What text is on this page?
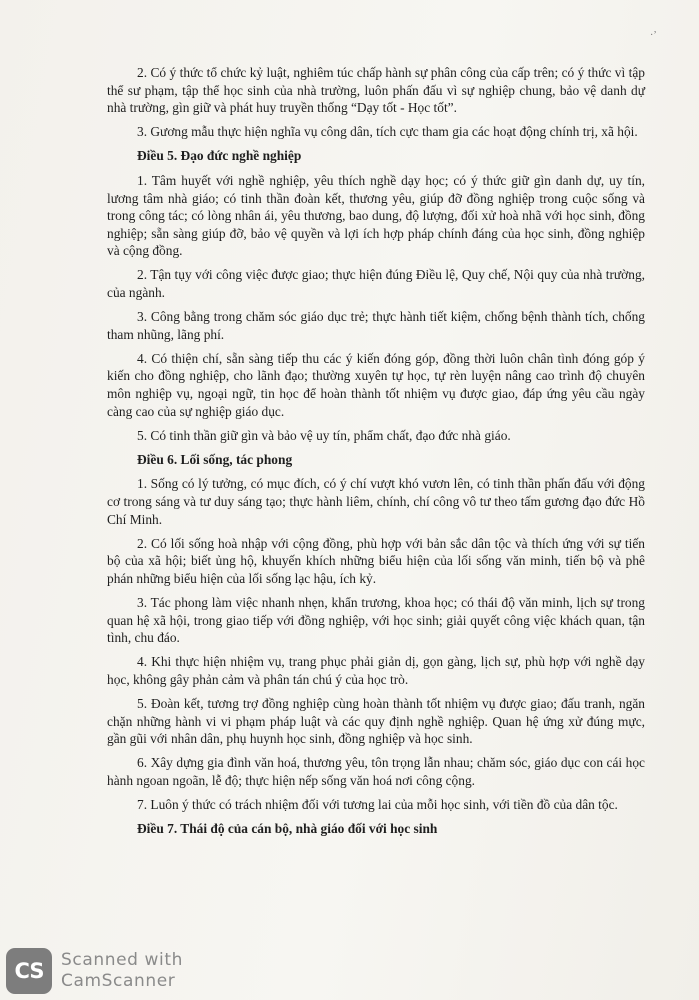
·’

2. Có ý thức tổ chức kỷ luật, nghiêm túc chấp hành sự phân công của cấp trên; có ý thức vì tập thể sư phạm, tập thể học sinh của nhà trường, luôn phấn đấu vì sự nghiệp chung, bảo vệ danh dự nhà trường, gìn giữ và phát huy truyền thống “Dạy tốt - Học tốt”.

3. Gương mẫu thực hiện nghĩa vụ công dân, tích cực tham gia các hoạt động chính trị, xã hội.

Điều 5. Đạo đức nghề nghiệp

1. Tâm huyết với nghề nghiệp, yêu thích nghề dạy học; có ý thức giữ gìn danh dự, uy tín, lương tâm nhà giáo; có tinh thần đoàn kết, thương yêu, giúp đỡ đồng nghiệp trong cuộc sống và trong công tác; có lòng nhân ái, yêu thương, bao dung, độ lượng, đối xử hoà nhã với học sinh, đồng nghiệp; sẵn sàng giúp đỡ, bảo vệ quyền và lợi ích hợp pháp chính đáng của học sinh, đồng nghiệp và cộng đồng.

2. Tận tụy với công việc được giao; thực hiện đúng Điều lệ, Quy chế, Nội quy của nhà trường, của ngành.

3. Công bằng trong chăm sóc giáo dục trẻ; thực hành tiết kiệm, chống bệnh thành tích, chống tham nhũng, lãng phí.

4. Có thiện chí, sẵn sàng tiếp thu các ý kiến đóng góp, đồng thời luôn chân tình đóng góp ý kiến cho đồng nghiệp, cho lãnh đạo; thường xuyên tự học, tự rèn luyện nâng cao trình độ chuyên môn nghiệp vụ, ngoại ngữ, tin học để hoàn thành tốt nhiệm vụ được giao, đáp ứng yêu cầu ngày càng cao của sự nghiệp giáo dục.

5. Có tinh thần giữ gìn và bảo vệ uy tín, phẩm chất, đạo đức nhà giáo.

Điều 6. Lối sống, tác phong

1. Sống có lý tưởng, có mục đích, có ý chí vượt khó vươn lên, có tinh thần phấn đấu với động cơ trong sáng và tư duy sáng tạo; thực hành liêm, chính, chí công vô tư theo tấm gương đạo đức Hồ Chí Minh.

2. Có lối sống hoà nhập với cộng đồng, phù hợp với bản sắc dân tộc và thích ứng với sự tiến bộ của xã hội; biết ủng hộ, khuyến khích những biểu hiện của lối sống văn minh, tiến bộ và phê phán những biểu hiện của lối sống lạc hậu, ích kỷ.

3. Tác phong làm việc nhanh nhẹn, khẩn trương, khoa học; có thái độ văn minh, lịch sự trong quan hệ xã hội, trong giao tiếp với đồng nghiệp, với học sinh; giải quyết công việc khách quan, tận tình, chu đáo.

4. Khi thực hiện nhiệm vụ, trang phục phải giản dị, gọn gàng, lịch sự, phù hợp với nghề dạy học, không gây phản cảm và phân tán chú ý của học trò.

5. Đoàn kết, tương trợ đồng nghiệp cùng hoàn thành tốt nhiệm vụ được giao; đấu tranh, ngăn chặn những hành vi vi phạm pháp luật và các quy định nghề nghiệp. Quan hệ ứng xử đúng mực, gần gũi với nhân dân, phụ huynh học sinh, đồng nghiệp và học sinh.

6. Xây dựng gia đình văn hoá, thương yêu, tôn trọng lẫn nhau; chăm sóc, giáo dục con cái học hành ngoan ngoãn, lễ độ; thực hiện nếp sống văn hoá nơi công cộng.

7. Luôn ý thức có trách nhiệm đối với tương lai của mỗi học sinh, với tiền đồ của dân tộc.

Điều 7. Thái độ của cán bộ, nhà giáo đối với học sinh

CS	Scanned with
CamScanner
